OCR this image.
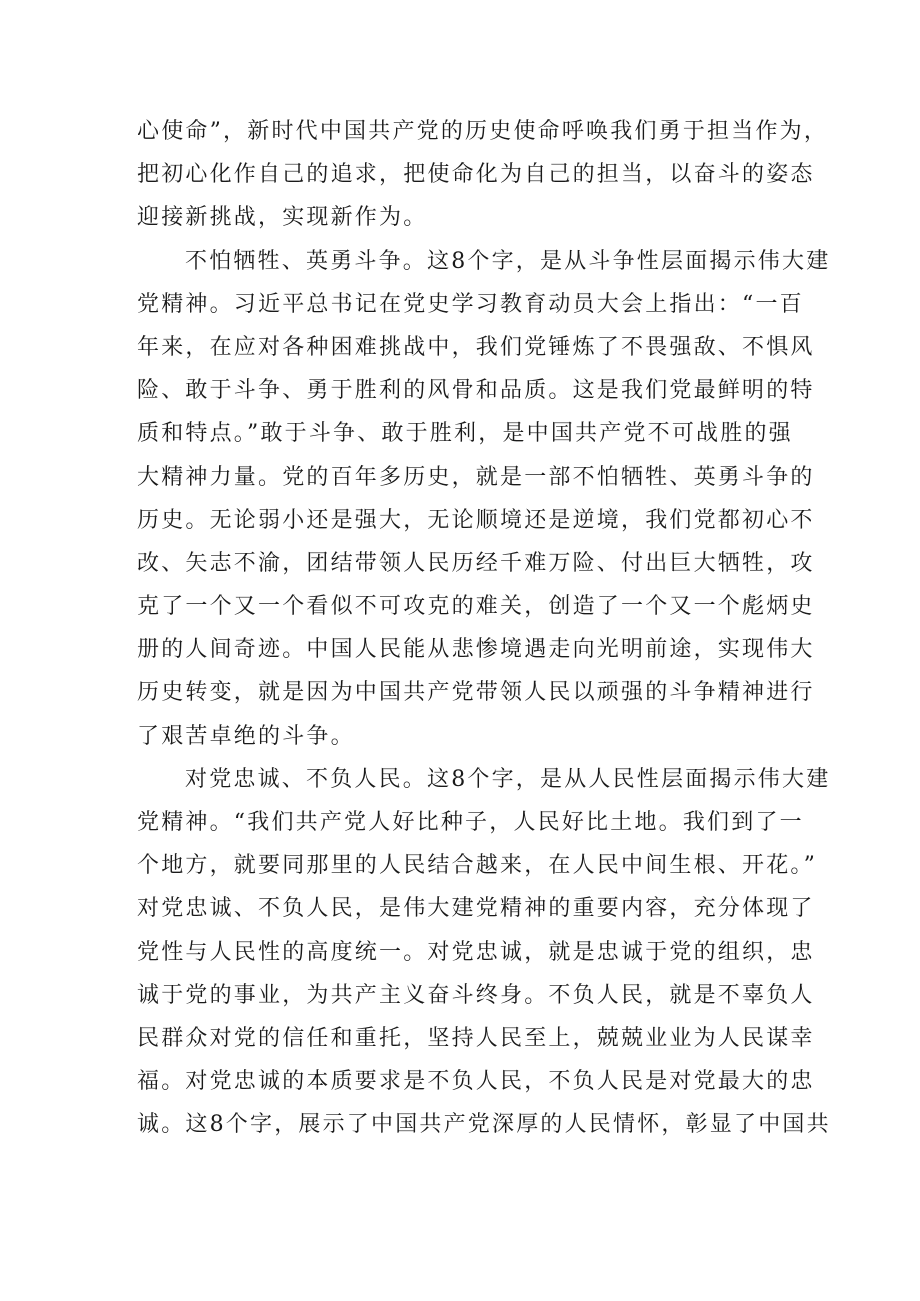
心使命”，新时代中国共产党的历史使命呼唤我们勇于担当作为，
把初心化作自己的追求，把使命化为自己的担当，以奋斗的姿态
迎接新挑战，实现新作为。
不怕牺牲、英勇斗争。这8个字，是从斗争性层面揭示伟大建
党精神。习近平总书记在党史学习教育动员大会上指出：“一百
年来，在应对各种困难挑战中，我们党锤炼了不畏强敌、不惧风
险、敢于斗争、勇于胜利的风骨和品质。这是我们党最鲜明的特
质和特点。”敢于斗争、敢于胜利，是中国共产党不可战胜的强
大精神力量。党的百年多历史，就是一部不怕牺牲、英勇斗争的
历史。无论弱小还是强大，无论顺境还是逆境，我们党都初心不
改、矢志不渝，团结带领人民历经千难万险、付出巨大牺牲，攻
克了一个又一个看似不可攻克的难关，创造了一个又一个彪炳史
册的人间奇迹。中国人民能从悲惨境遇走向光明前途，实现伟大
历史转变，就是因为中国共产党带领人民以顽强的斗争精神进行
了艰苦卓绝的斗争。
对党忠诚、不负人民。这8个字，是从人民性层面揭示伟大建
党精神。“我们共产党人好比种子，人民好比土地。我们到了一
个地方，就要同那里的人民结合越来，在人民中间生根、开花。”
对党忠诚、不负人民，是伟大建党精神的重要内容，充分体现了
党性与人民性的高度统一。对党忠诚，就是忠诚于党的组织，忠
诚于党的事业，为共产主义奋斗终身。不负人民，就是不辜负人
民群众对党的信任和重托，坚持人民至上，兢兢业业为人民谋幸
福。对党忠诚的本质要求是不负人民，不负人民是对党最大的忠
诚。这8个字，展示了中国共产党深厚的人民情怀，彰显了中国共
